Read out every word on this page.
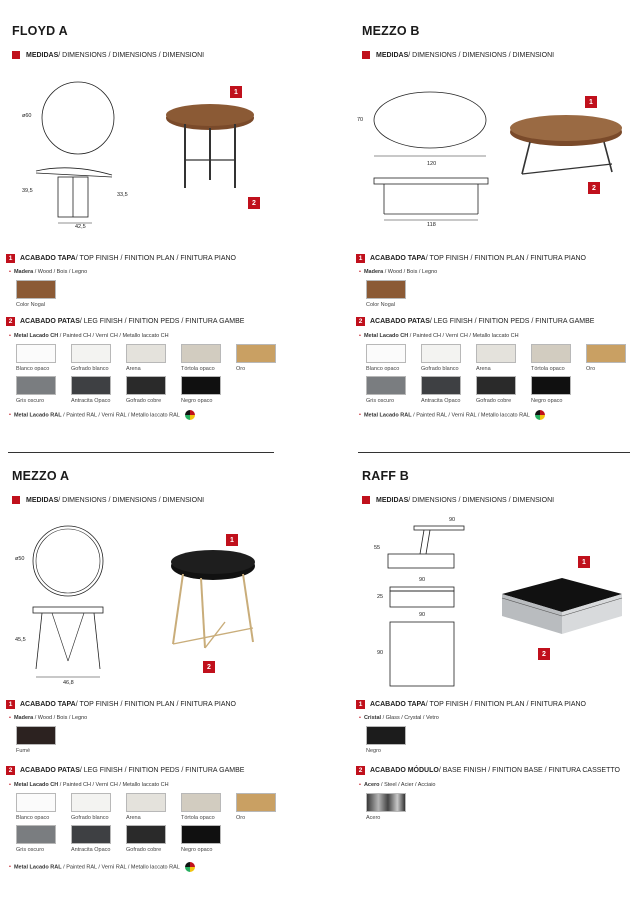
FLOYD A
MEDIDAS / DIMENSIONS / DIMENSIONS / DIMENSIONI
ø60
39,5
33,5
42,5
1
2
1	ACABADO TAPA / TOP FINISH / FINITION PLAN / FINITURA PIANO
• Madera / Wood / Bois / Legno
Color Nogal
2	ACABADO PATAS / LEG FINISH / FINITION PEDS / FINITURA GAMBE
• Metal Lacado CH / Painted CH / Vernì CH / Metallo laccato CH
Blanco opaco	Gofrado blanco	Arena	Tórtola opaco	Oro
Gris oscuro	Antracita Opaco	Gofrado cobre	Negro opaco
• Metal Lacado RAL / Painted RAL / Vernì RAL / Metallo laccato RAL
MEZZO B
MEDIDAS / DIMENSIONS / DIMENSIONS / DIMENSIONI
70
120
118
1
2
1	ACABADO TAPA / TOP FINISH / FINITION PLAN / FINITURA PIANO
• Madera / Wood / Bois / Legno
Color Nogal
2	ACABADO PATAS / LEG FINISH / FINITION PEDS / FINITURA GAMBE
• Metal Lacado CH / Painted CH / Vernì CH / Metallo laccato CH
Blanco opaco	Gofrado blanco	Arena	Tórtola opaco	Oro
Gris oscuro	Antracita Opaco	Gofrado cobre	Negro opaco
• Metal Lacado RAL / Painted RAL / Vernì RAL / Metallo laccato RAL
MEZZO A
MEDIDAS / DIMENSIONS / DIMENSIONS / DIMENSIONI
ø50
45,5
46,8
1
2
1	ACABADO TAPA / TOP FINISH / FINITION PLAN / FINITURA PIANO
• Madera / Wood / Bois / Legno
Fumé
2	ACABADO PATAS / LEG FINISH / FINITION PEDS / FINITURA GAMBE
• Metal Lacado CH / Painted CH / Vernì CH / Metallo laccato CH
Blanco opaco	Gofrado blanco	Arena	Tórtola opaco	Oro
Gris oscuro	Antracita Opaco	Gofrado cobre	Negro opaco
• Metal Lacado RAL / Painted RAL / Vernì RAL / Metallo laccato RAL
RAFF B
MEDIDAS / DIMENSIONS / DIMENSIONS / DIMENSIONI
90
55
90
25
90
90
1
2
1	ACABADO TAPA / TOP FINISH / FINITION PLAN / FINITURA PIANO
• Cristal / Glass / Crystal / Vetro
Negro
2	ACABADO MÓDULO / BASE FINISH / FINITION BASE / FINITURA CASSETTO
• Acero / Steel / Acier / Acciaio
Acero
